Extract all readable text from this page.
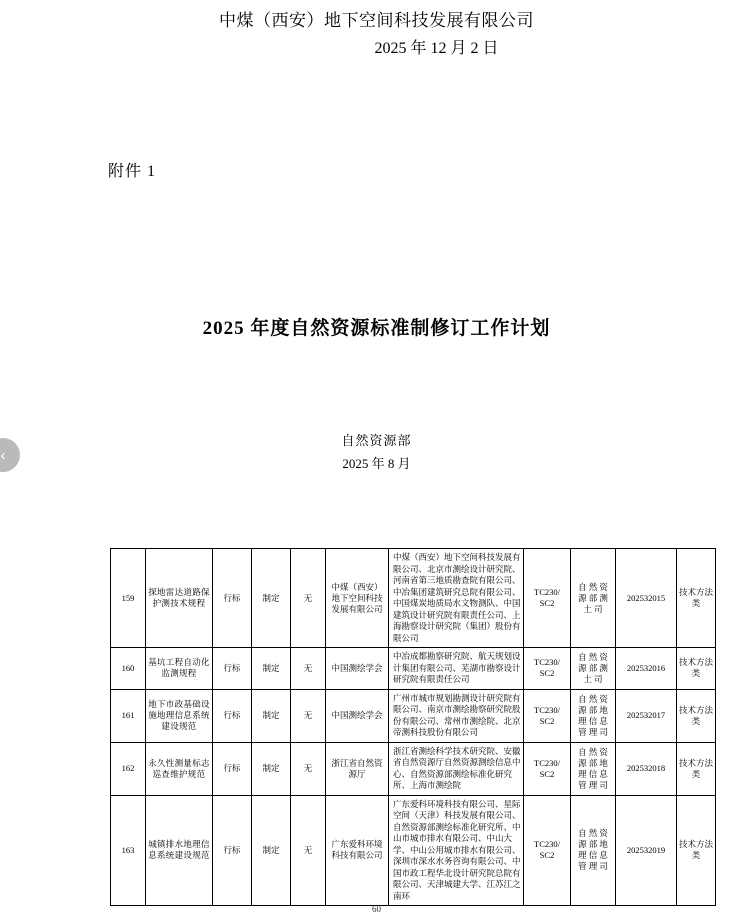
中煤（西安）地下空间科技发展有限公司
2025 年 12 月 2 日
附件 1
2025 年度自然资源标准制修订工作计划
自然资源部
2025 年 8 月
‹
159	探地雷达道路保护测技术规程	行标	制定	无	中煤（西安）地下空间科技发展有限公司	中煤（西安）地下空间科技发展有限公司、北京市测绘设计研究院、河南省第三地质勘查院有限公司、中冶集团建筑研究总院有限公司、中国煤炭地质局水文物测队、中国建筑设计研究院有限责任公司、上海勘察设计研究院（集团）股份有限公司	TC230/
SC2	自 然 资 源 部 测 土 司	202532015	技术方法类
160	基坑工程自动化监测规程	行标	制定	无	中国测绘学会	中冶成都勘察研究院、航天规划设计集团有限公司、芜湖市勘察设计研究院有限责任公司	TC230/
SC2	自 然 资 源 部 测 土 司	202532016	技术方法类
161	地下市政基础设施地理信息系统建设规范	行标	制定	无	中国测绘学会	广州市城市规划勘测设计研究院有限公司、南京市测绘勘察研究院股份有限公司、常州市测绘院、北京帝测科技股份有限公司	TC230/
SC2	自 然 资 源 部 地 理 信 息 管 理 司	202532017	技术方法类
162	永久性测量标志巡查维护规范	行标	制定	无	浙江省自然资源厅	浙江省测绘科学技术研究院、安徽省自然资源厅自然资源测绘信息中心、自然资源部测绘标准化研究所、上海市测绘院	TC230/
SC2	自 然 资 源 部 地 理 信 息 管 理 司	202532018	技术方法类
163	城镇排水地理信息系统建设规范	行标	制定	无	广东爱科环境科技有限公司	广东爱科环境科技有限公司、星际空间（天津）科技发展有限公司、自然资源部测绘标准化研究所、中山市城市排水有限公司、中山大学、中山公用城市排水有限公司、深圳市深水水务咨询有限公司、中国市政工程华北设计研究院总院有限公司、天津城建大学、江苏江之南环	TC230/
SC2	自 然 资 源 部 地 理 信 息 管 理 司	202532019	技术方法类
60
